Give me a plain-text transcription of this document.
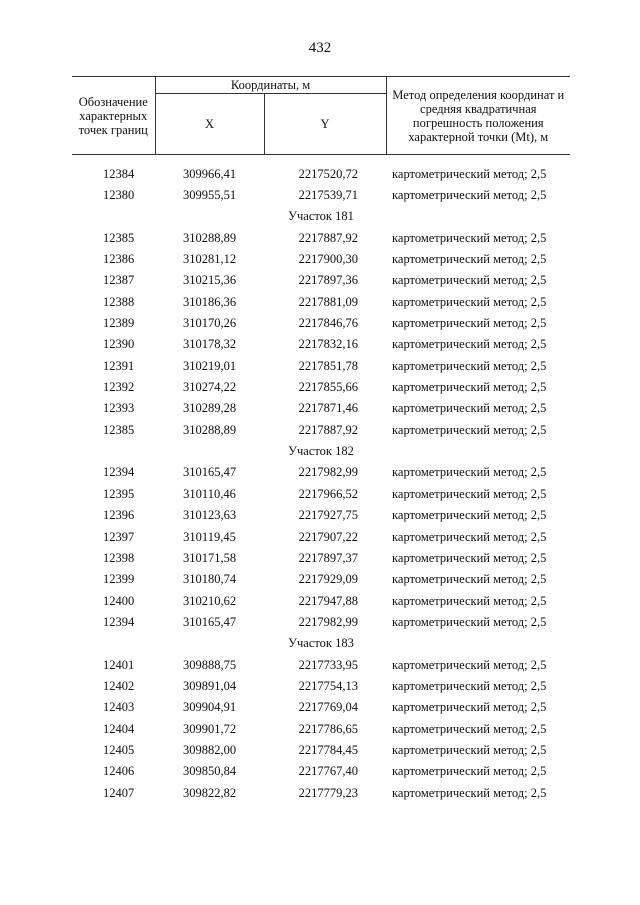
432
Обозначение характерных точек границ	Координаты, м		Метод определения координат и средняя квадратичная погрешность положения характерной точки (Mt), м
	X	Y	

12384	309966,41	2217520,72	картометрический метод; 2,5
12380	309955,51	2217539,71	картометрический метод; 2,5
Участок 181			
12385	310288,89	2217887,92	картометрический метод; 2,5
12386	310281,12	2217900,30	картометрический метод; 2,5
12387	310215,36	2217897,36	картометрический метод; 2,5
12388	310186,36	2217881,09	картометрический метод; 2,5
12389	310170,26	2217846,76	картометрический метод; 2,5
12390	310178,32	2217832,16	картометрический метод; 2,5
12391	310219,01	2217851,78	картометрический метод; 2,5
12392	310274,22	2217855,66	картометрический метод; 2,5
12393	310289,28	2217871,46	картометрический метод; 2,5
12385	310288,89	2217887,92	картометрический метод; 2,5
Участок 182			
12394	310165,47	2217982,99	картометрический метод; 2,5
12395	310110,46	2217966,52	картометрический метод; 2,5
12396	310123,63	2217927,75	картометрический метод; 2,5
12397	310119,45	2217907,22	картометрический метод; 2,5
12398	310171,58	2217897,37	картометрический метод; 2,5
12399	310180,74	2217929,09	картометрический метод; 2,5
12400	310210,62	2217947,88	картометрический метод; 2,5
12394	310165,47	2217982,99	картометрический метод; 2,5
Участок 183			
12401	309888,75	2217733,95	картометрический метод; 2,5
12402	309891,04	2217754,13	картометрический метод; 2,5
12403	309904,91	2217769,04	картометрический метод; 2,5
12404	309901,72	2217786,65	картометрический метод; 2,5
12405	309882,00	2217784,45	картометрический метод; 2,5
12406	309850,84	2217767,40	картометрический метод; 2,5
12407	309822,82	2217779,23	картометрический метод; 2,5
